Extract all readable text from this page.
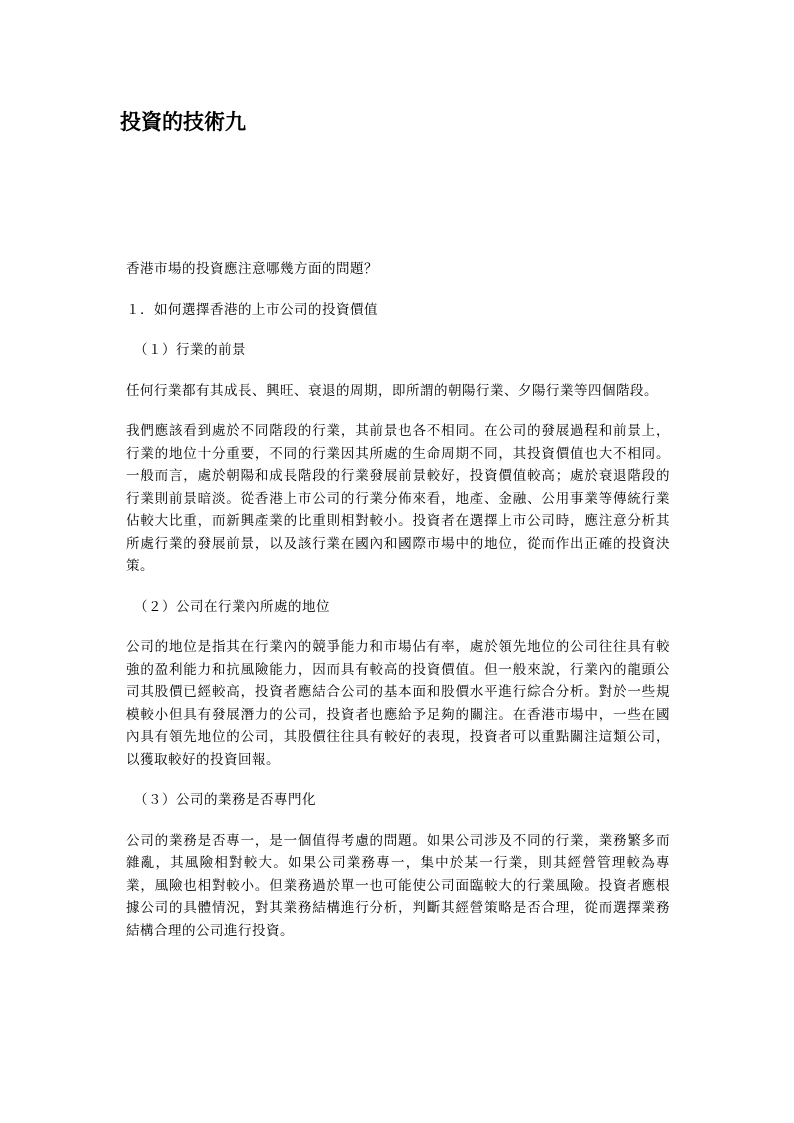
投資的技術九

香港市場的投資應注意哪幾方面的問題？

１．如何選擇香港的上市公司的投資價值

（１）行業的前景

任何行業都有其成長、興旺、衰退的周期，即所謂的朝陽行業、夕陽行業等四個階段。

我們應該看到處於不同階段的行業，其前景也各不相同。在公司的發展過程和前景上，行業的地位十分重要，不同的行業因其所處的生命周期不同，其投資價值也大不相同。一般而言，處於朝陽和成長階段的行業發展前景較好，投資價值較高；處於衰退階段的行業則前景暗淡。從香港上市公司的行業分佈來看，地產、金融、公用事業等傳統行業佔較大比重，而新興產業的比重則相對較小。投資者在選擇上市公司時，應注意分析其所處行業的發展前景，以及該行業在國內和國際市場中的地位，從而作出正確的投資決策。

（２）公司在行業內所處的地位

公司的地位是指其在行業內的競爭能力和市場佔有率，處於領先地位的公司往往具有較強的盈利能力和抗風險能力，因而具有較高的投資價值。但一般來說，行業內的龍頭公司其股價已經較高，投資者應結合公司的基本面和股價水平進行綜合分析。對於一些規模較小但具有發展潛力的公司，投資者也應給予足夠的關注。在香港市場中，一些在國內具有領先地位的公司，其股價往往具有較好的表現，投資者可以重點關注這類公司，以獲取較好的投資回報。

（３）公司的業務是否專門化

公司的業務是否專一，是一個值得考慮的問題。如果公司涉及不同的行業，業務繁多而雜亂，其風險相對較大。如果公司業務專一，集中於某一行業，則其經營管理較為專業，風險也相對較小。但業務過於單一也可能使公司面臨較大的行業風險。投資者應根據公司的具體情況，對其業務結構進行分析，判斷其經營策略是否合理，從而選擇業務結構合理的公司進行投資。
